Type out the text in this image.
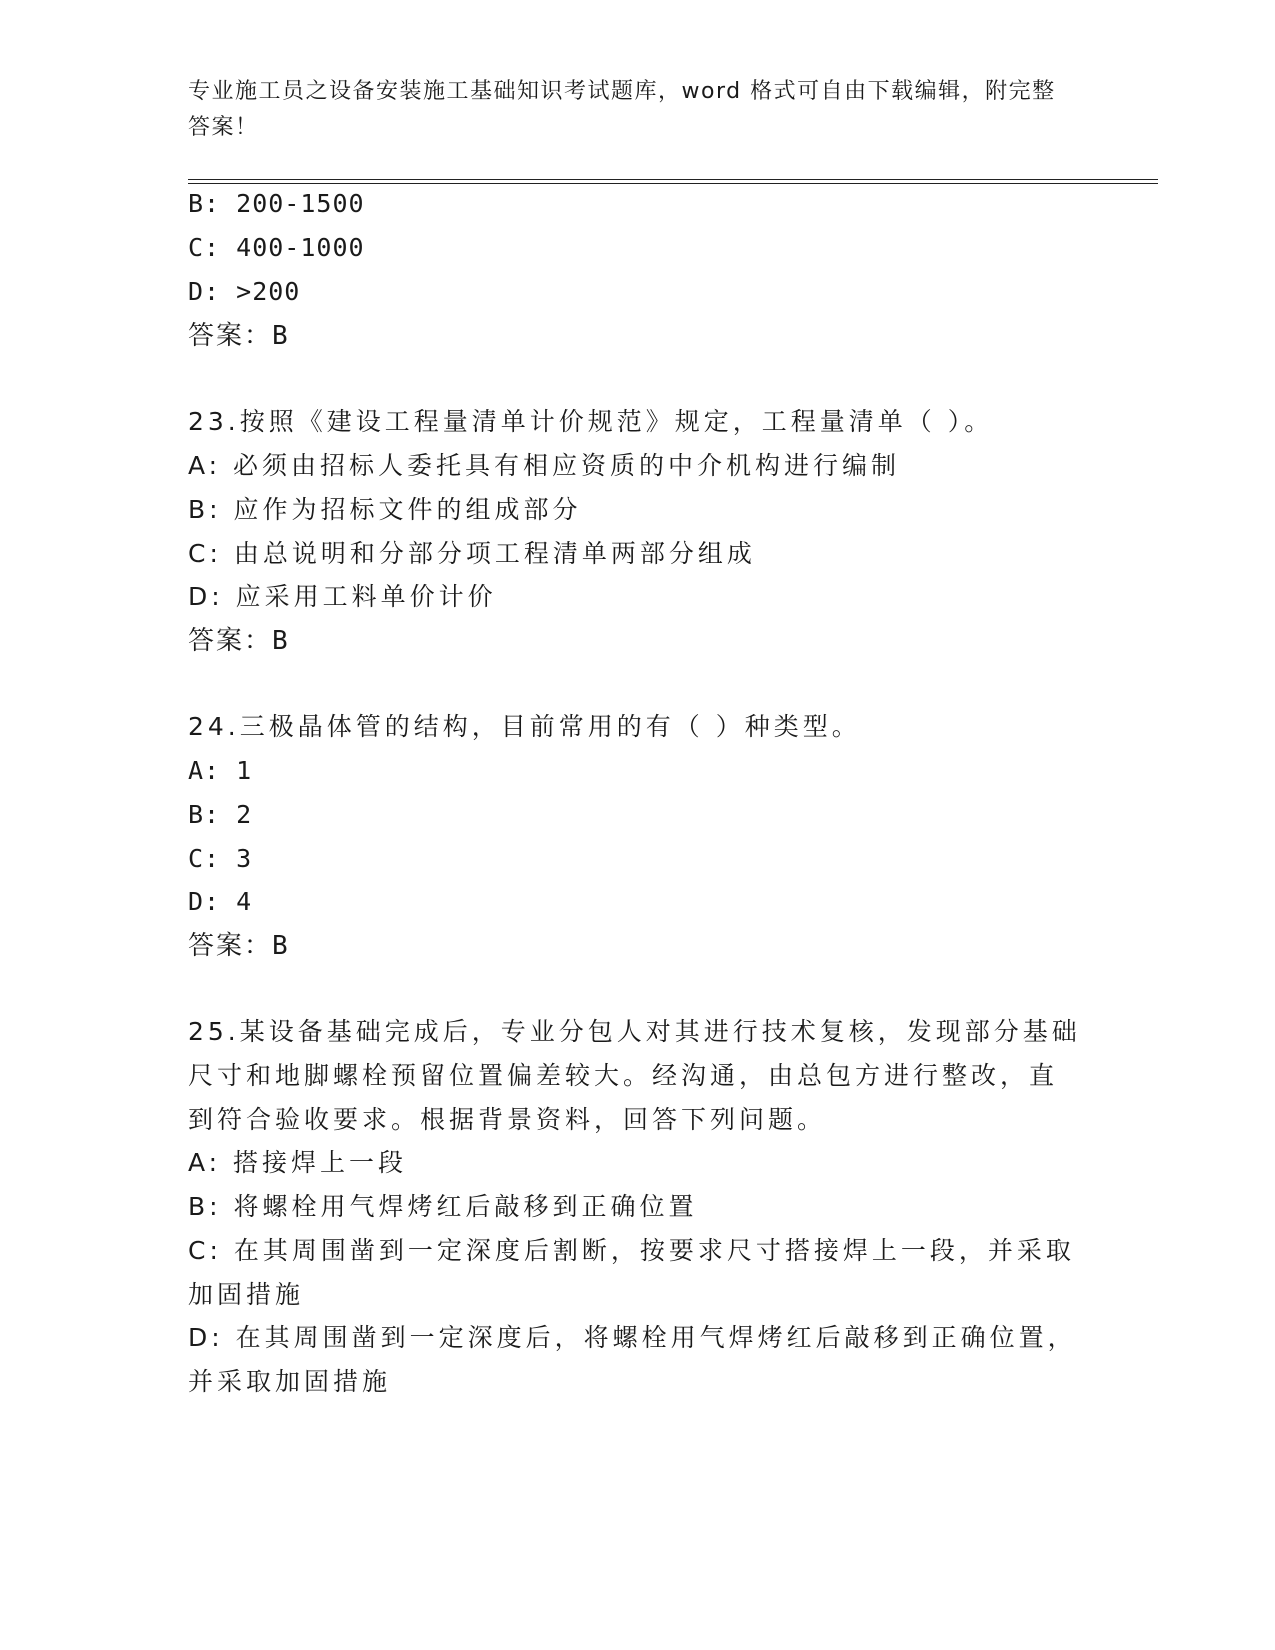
专业施工员之设备安装施工基础知识考试题库，word 格式可自由下载编辑，附完整答案！
B: 200-1500
C: 400-1000
D: >200
答案：B
23.按照《建设工程量清单计价规范》规定，工程量清单（ ）。
A: 必须由招标人委托具有相应资质的中介机构进行编制
B: 应作为招标文件的组成部分
C: 由总说明和分部分项工程清单两部分组成
D: 应采用工料单价计价
答案：B
24.三极晶体管的结构，目前常用的有（ ）种类型。
A: 1
B: 2
C: 3
D: 4
答案：B
25.某设备基础完成后，专业分包人对其进行技术复核，发现部分基础
尺寸和地脚螺栓预留位置偏差较大。经沟通，由总包方进行整改，直
到符合验收要求。根据背景资料，回答下列问题。
A: 搭接焊上一段
B: 将螺栓用气焊烤红后敲移到正确位置
C: 在其周围凿到一定深度后割断，按要求尺寸搭接焊上一段，并采取
加固措施
D: 在其周围凿到一定深度后，将螺栓用气焊烤红后敲移到正确位置，
并采取加固措施
